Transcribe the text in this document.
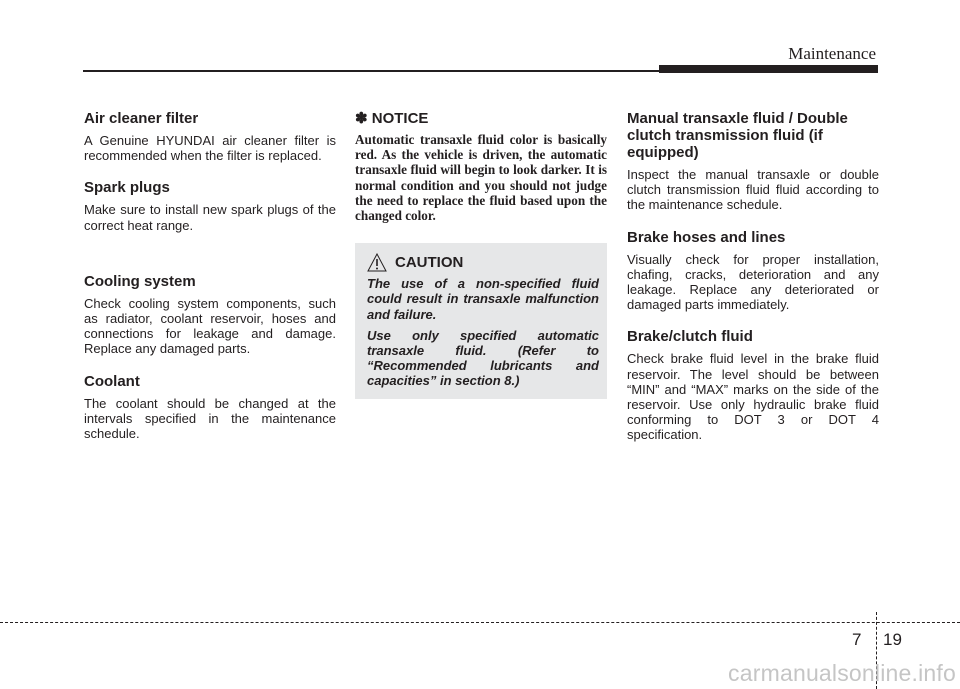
Maintenance
Air cleaner filter

A Genuine HYUNDAI air cleaner filter is recommended when the filter is replaced.

Spark plugs

Make sure to install new spark plugs of the correct heat range.

Cooling system

Check cooling system components, such as radiator, coolant reservoir, hoses and connections for leakage and damage. Replace any damaged parts.

Coolant

The coolant should be changed at the intervals specified in the maintenance schedule.

✽ NOTICE

Automatic transaxle fluid color is basically red. As the vehicle is driven, the automatic transaxle fluid will begin to look darker. It is normal condition and you should not judge the need to replace the fluid based upon the changed color.

CAUTION

The use of a non-specified fluid could result in transaxle malfunction and failure.

Use only specified automatic transaxle fluid. (Refer to “Recommended lubricants and capacities” in section 8.)

Manual transaxle fluid / Double clutch transmission fluid (if equipped)

Inspect the manual transaxle or double clutch transmission fluid fluid according to the maintenance schedule.

Brake hoses and lines

Visually check for proper installation, chafing, cracks, deterioration and any leakage. Replace any deteriorated or damaged parts immediately.

Brake/clutch fluid

Check brake fluid level in the brake fluid reservoir. The level should be between “MIN” and “MAX” marks on the side of the reservoir. Use only hydraulic brake fluid conforming to DOT 3 or DOT 4 specification.

7 19
carmanualsonline.info
